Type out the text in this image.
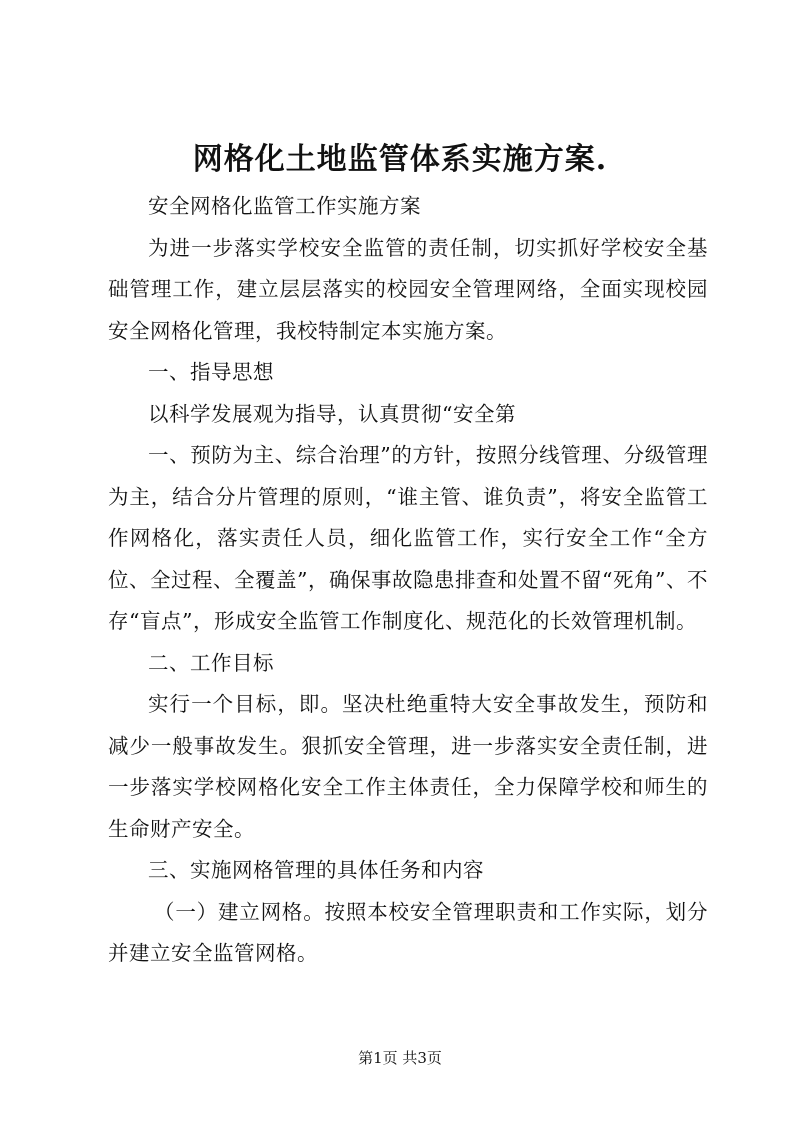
网格化土地监管体系实施方案.

安全网格化监管工作实施方案

为进一步落实学校安全监管的责任制，切实抓好学校安全基础管理工作，建立层层落实的校园安全管理网络，全面实现校园安全网格化管理，我校特制定本实施方案。

一、指导思想

以科学发展观为指导，认真贯彻“安全第

一、预防为主、综合治理”的方针，按照分线管理、分级管理为主，结合分片管理的原则，“谁主管、谁负责”，将安全监管工作网格化，落实责任人员，细化监管工作，实行安全工作“全方位、全过程、全覆盖”，确保事故隐患排查和处置不留“死角”、不存“盲点”，形成安全监管工作制度化、规范化的长效管理机制。

二、工作目标

实行一个目标，即。坚决杜绝重特大安全事故发生，预防和减少一般事故发生。狠抓安全管理，进一步落实安全责任制，进一步落实学校网格化安全工作主体责任，全力保障学校和师生的生命财产安全。

三、实施网格管理的具体任务和内容

（一）建立网格。按照本校安全管理职责和工作实际，划分并建立安全监管网格。

第1页 共3页
